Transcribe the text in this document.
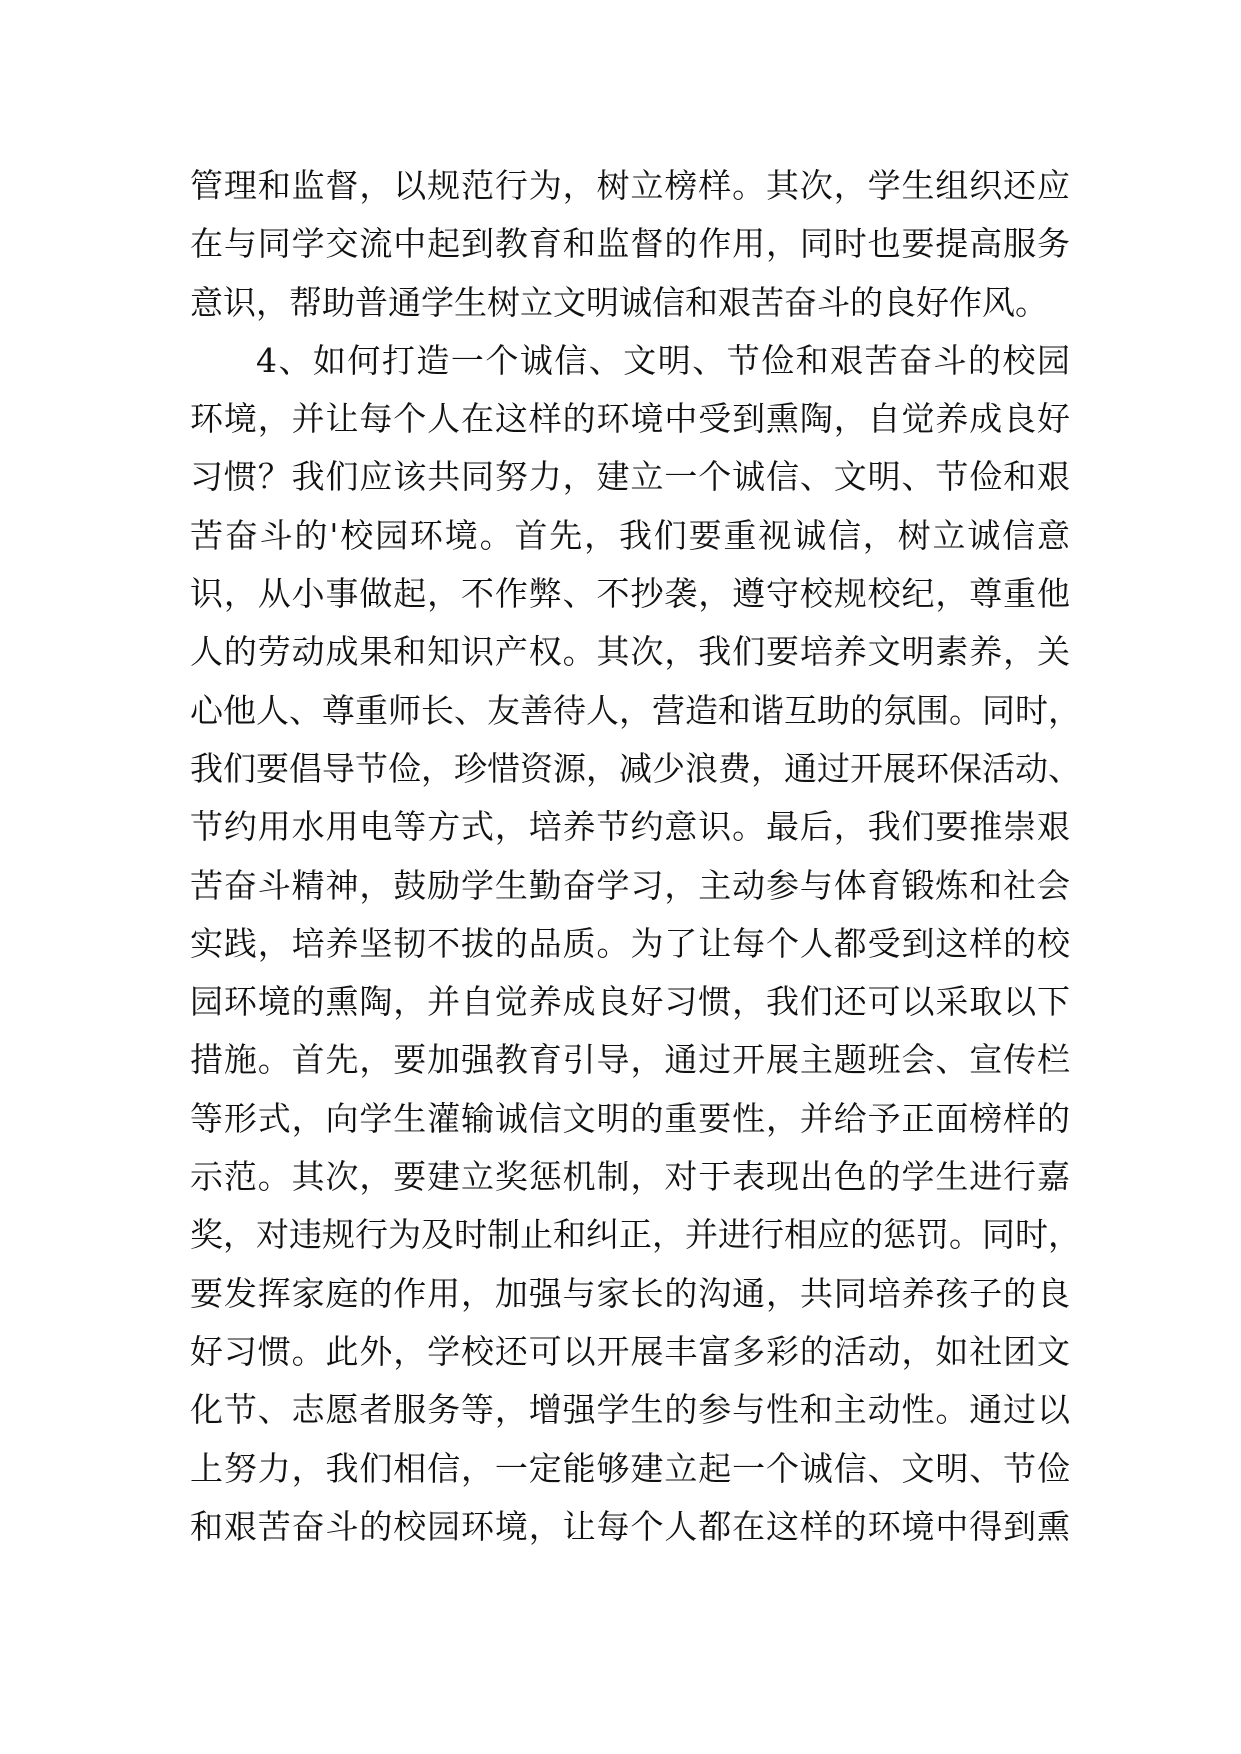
管理和监督，以规范行为，树立榜样。其次，学生组织还应
在与同学交流中起到教育和监督的作用，同时也要提高服务
意识，帮助普通学生树立文明诚信和艰苦奋斗的良好作风。
4、如何打造一个诚信、文明、节俭和艰苦奋斗的校园
环境，并让每个人在这样的环境中受到熏陶，自觉养成良好
习惯？我们应该共同努力，建立一个诚信、文明、节俭和艰
苦奋斗的'校园环境。首先，我们要重视诚信，树立诚信意
识，从小事做起，不作弊、不抄袭，遵守校规校纪，尊重他
人的劳动成果和知识产权。其次，我们要培养文明素养，关
心他人、尊重师长、友善待人，营造和谐互助的氛围。同时，
我们要倡导节俭，珍惜资源，减少浪费，通过开展环保活动、
节约用水用电等方式，培养节约意识。最后，我们要推崇艰
苦奋斗精神，鼓励学生勤奋学习，主动参与体育锻炼和社会
实践，培养坚韧不拔的品质。为了让每个人都受到这样的校
园环境的熏陶，并自觉养成良好习惯，我们还可以采取以下
措施。首先，要加强教育引导，通过开展主题班会、宣传栏
等形式，向学生灌输诚信文明的重要性，并给予正面榜样的
示范。其次，要建立奖惩机制，对于表现出色的学生进行嘉
奖，对违规行为及时制止和纠正，并进行相应的惩罚。同时，
要发挥家庭的作用，加强与家长的沟通，共同培养孩子的良
好习惯。此外，学校还可以开展丰富多彩的活动，如社团文
化节、志愿者服务等，增强学生的参与性和主动性。通过以
上努力，我们相信，一定能够建立起一个诚信、文明、节俭
和艰苦奋斗的校园环境，让每个人都在这样的环境中得到熏
